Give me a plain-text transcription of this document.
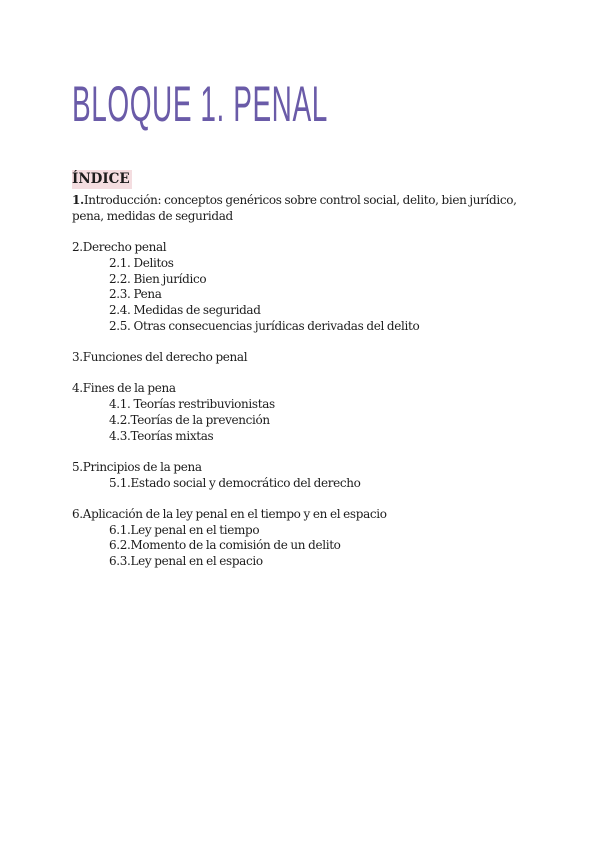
BLOQUE 1. PENAL
ÍNDICE

1.Introducción: conceptos genéricos sobre control social, delito, bien jurídico, pena, medidas de seguridad

2.Derecho penal

2.1. Delitos

2.2. Bien jurídico

2.3. Pena

2.4. Medidas de seguridad

2.5. Otras consecuencias jurídicas derivadas del delito

3.Funciones del derecho penal

4.Fines de la pena

4.1. Teorías restribuvionistas

4.2.Teorías de la prevención

4.3.Teorías mixtas

5.Principios de la pena

5.1.Estado social y democrático del derecho

6.Aplicación de la ley penal en el tiempo y en el espacio

6.1.Ley penal en el tiempo

6.2.Momento de la comisión de un delito

6.3.Ley penal en el espacio
